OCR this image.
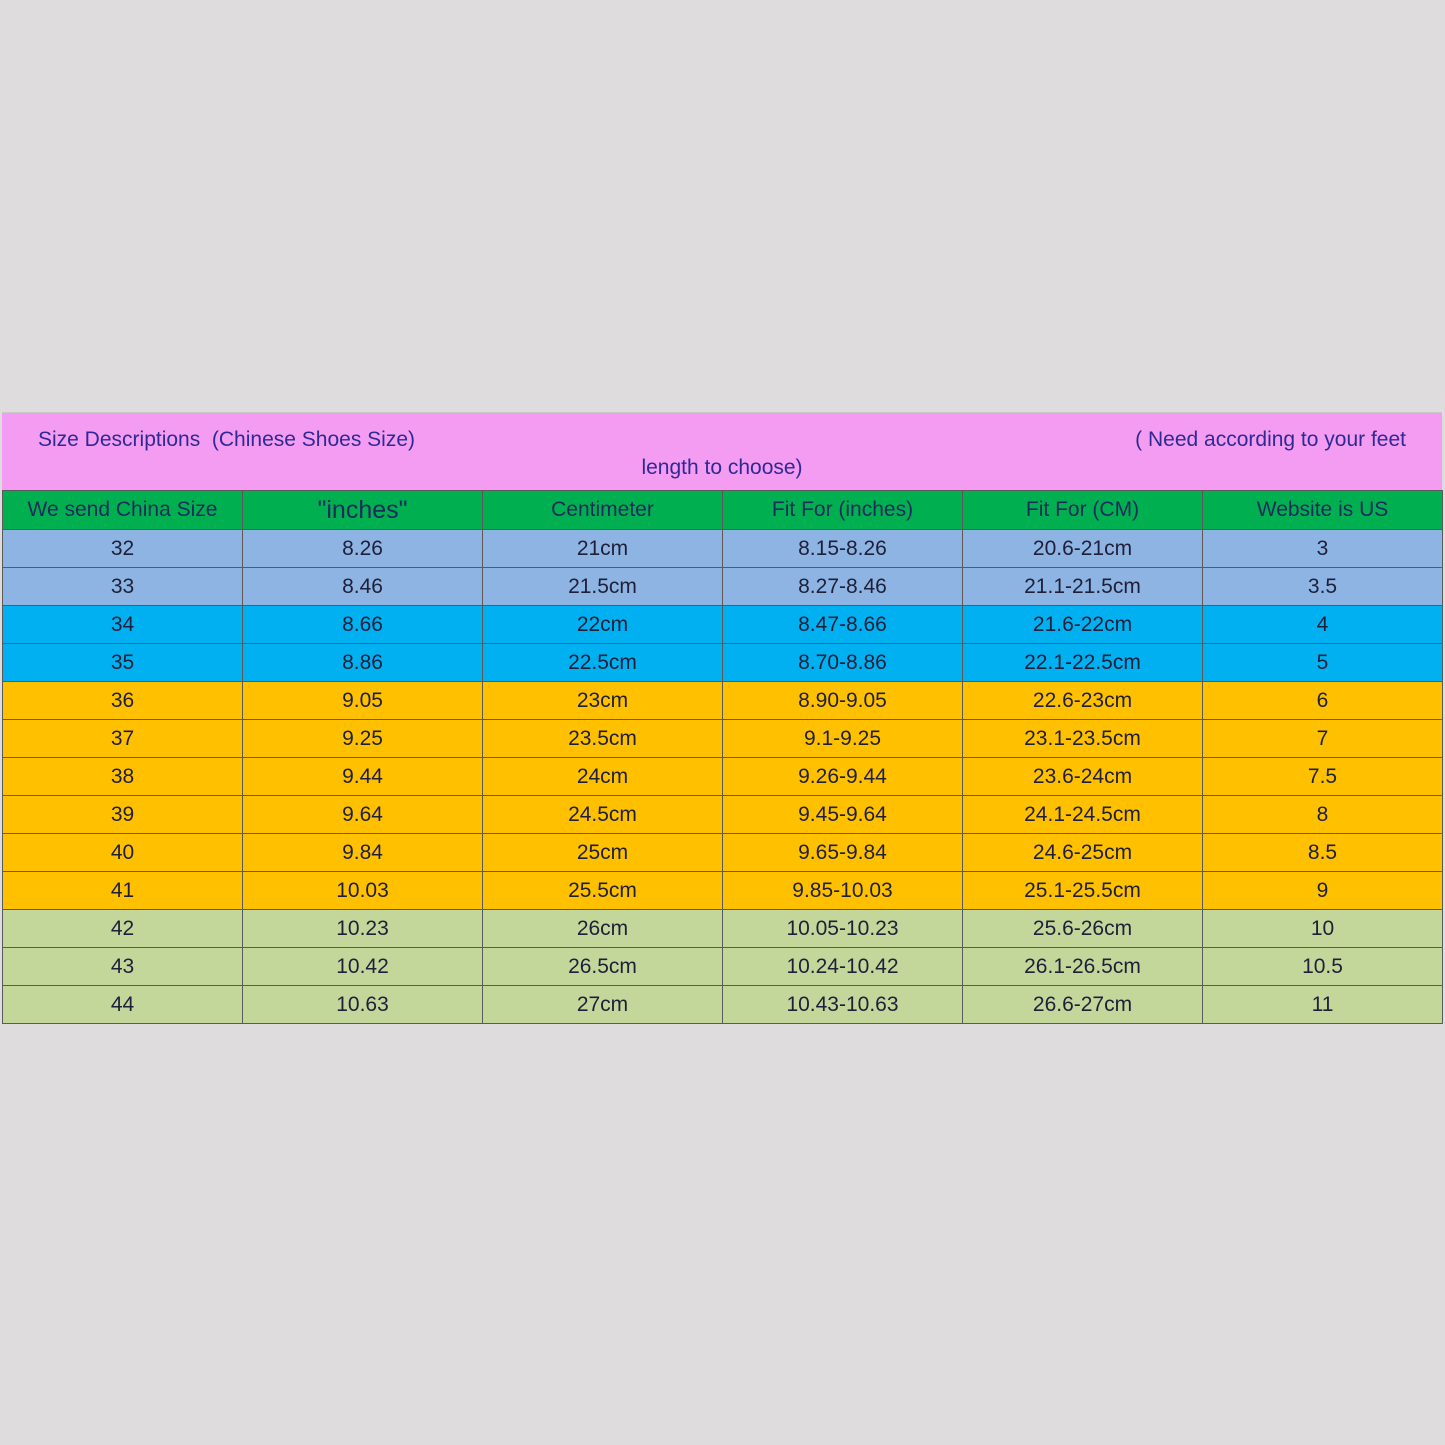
Size Descriptions  (Chinese Shoes Size)	( Need according to your feet
length to choose)
We send China Size	"inches"	Centimeter	Fit For (inches)	Fit For (CM)	Website is US
32	8.26	21cm	8.15-8.26	20.6-21cm	3
33	8.46	21.5cm	8.27-8.46	21.1-21.5cm	3.5
34	8.66	22cm	8.47-8.66	21.6-22cm	4
35	8.86	22.5cm	8.70-8.86	22.1-22.5cm	5
36	9.05	23cm	8.90-9.05	22.6-23cm	6
37	9.25	23.5cm	9.1-9.25	23.1-23.5cm	7
38	9.44	24cm	9.26-9.44	23.6-24cm	7.5
39	9.64	24.5cm	9.45-9.64	24.1-24.5cm	8
40	9.84	25cm	9.65-9.84	24.6-25cm	8.5
41	10.03	25.5cm	9.85-10.03	25.1-25.5cm	9
42	10.23	26cm	10.05-10.23	25.6-26cm	10
43	10.42	26.5cm	10.24-10.42	26.1-26.5cm	10.5
44	10.63	27cm	10.43-10.63	26.6-27cm	11
